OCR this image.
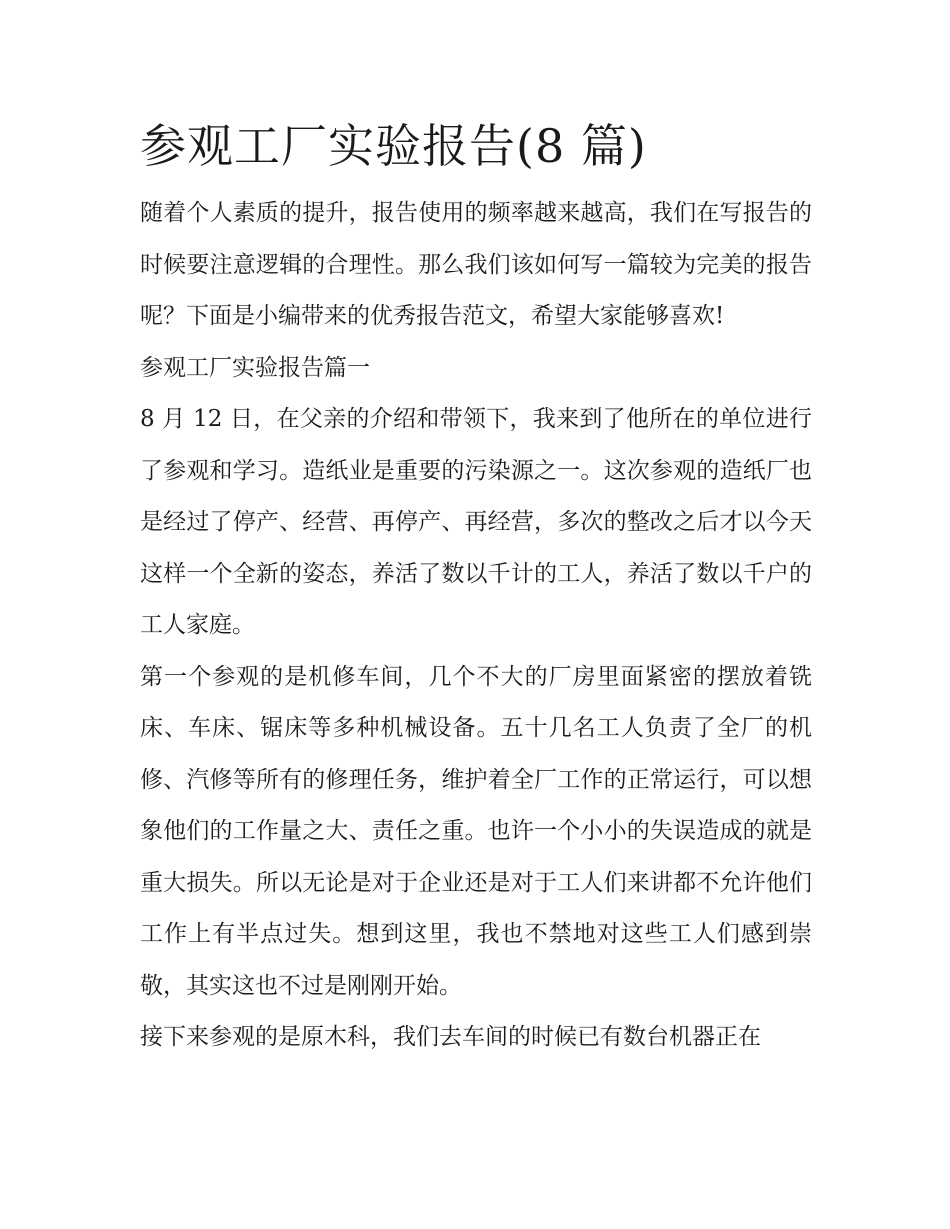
参观工厂实验报告(8 篇)

随着个人素质的提升，报告使用的频率越来越高，我们在写报告的时候要注意逻辑的合理性。那么我们该如何写一篇较为完美的报告呢？下面是小编带来的优秀报告范文，希望大家能够喜欢!

参观工厂实验报告篇一

8 月 12 日，在父亲的介绍和带领下，我来到了他所在的单位进行了参观和学习。造纸业是重要的污染源之一。这次参观的造纸厂也是经过了停产、经营、再停产、再经营，多次的整改之后才以今天这样一个全新的姿态，养活了数以千计的工人，养活了数以千户的工人家庭。

第一个参观的是机修车间，几个不大的厂房里面紧密的摆放着铣床、车床、锯床等多种机械设备。五十几名工人负责了全厂的机修、汽修等所有的修理任务，维护着全厂工作的正常运行，可以想象他们的工作量之大、责任之重。也许一个小小的失误造成的就是重大损失。所以无论是对于企业还是对于工人们来讲都不允许他们工作上有半点过失。想到这里，我也不禁地对这些工人们感到崇敬，其实这也不过是刚刚开始。

接下来参观的是原木科，我们去车间的时候已有数台机器正在
